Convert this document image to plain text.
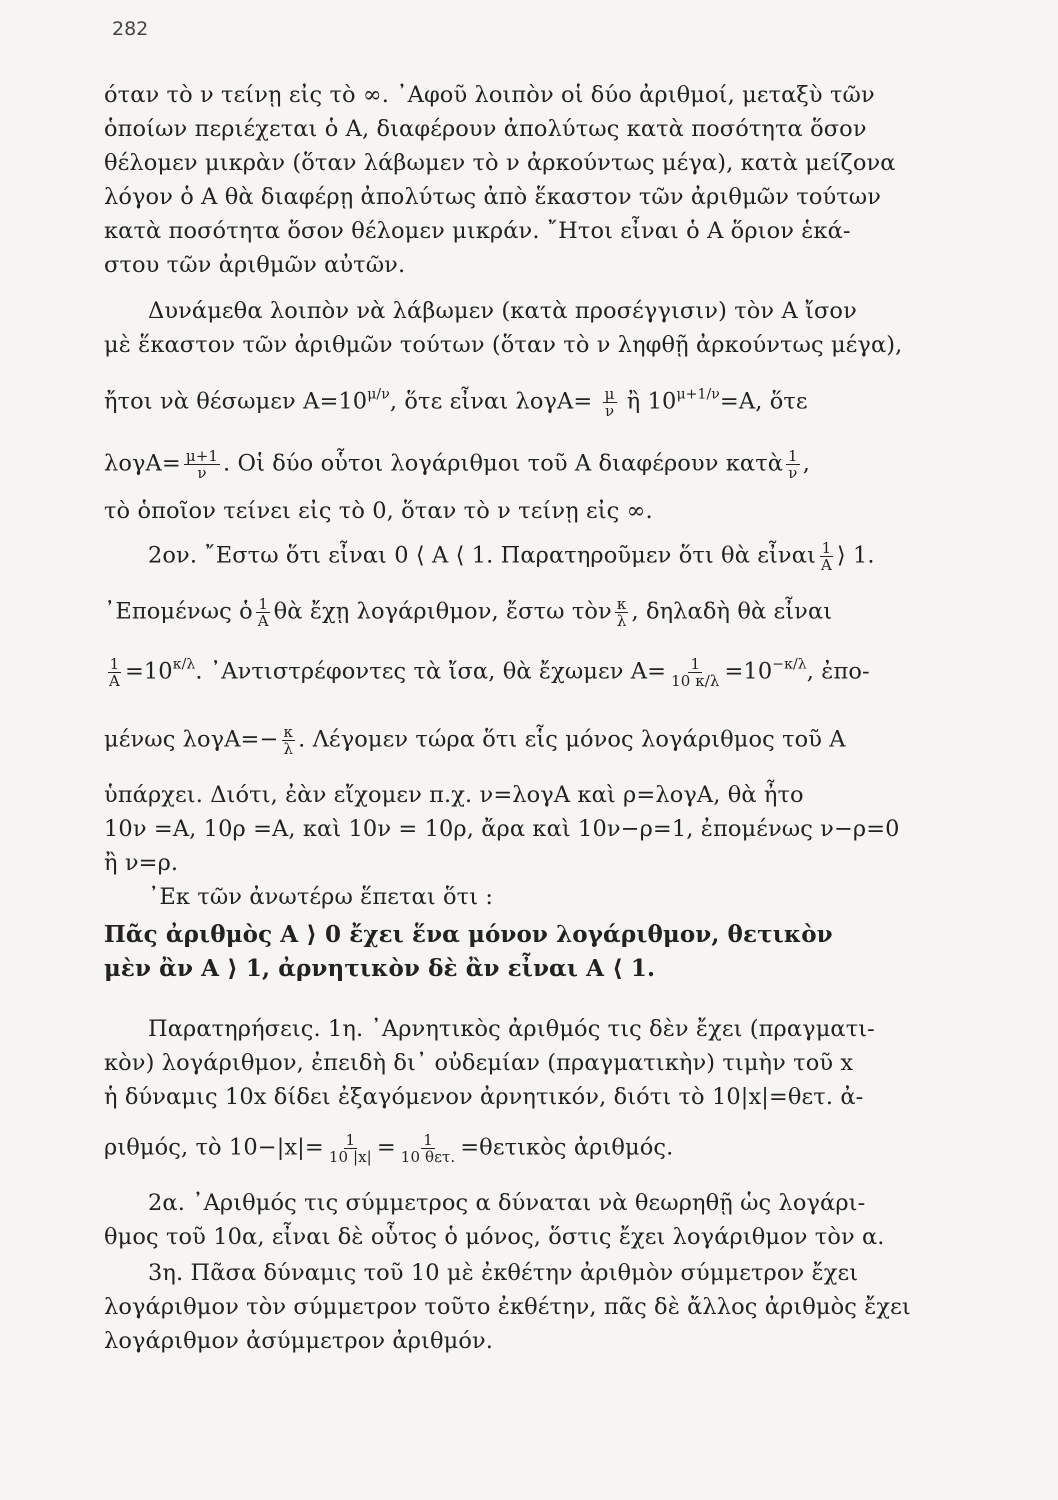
282
όταν τὸ ν τείνῃ εἰς τὸ ∞. ᾿Αφοῦ λοιπὸν οἱ δύο ἀριθμοί, μεταξὺ τῶν
ὁποίων περιέχεται ὁ Α, διαφέρουν ἀπολύτως κατὰ ποσότητα ὅσον
θέλομεν μικρὰν (ὅταν λάβωμεν τὸ ν ἀρκούντως μέγα), κατὰ μείζονα
λόγον ὁ Α θὰ διαφέρῃ ἀπολύτως ἀπὸ ἕκαστον τῶν ἀριθμῶν τούτων
κατὰ ποσότητα ὅσον θέλομεν μικράν. ῎Ητοι εἶναι ὁ Α ὅριον ἑκά-
στου τῶν ἀριθμῶν αὐτῶν.
Δυνάμεθα λοιπὸν νὰ λάβωμεν (κατὰ προσέγγισιν) τὸν Α ἴσον
μὲ ἕκαστον τῶν ἀριθμῶν τούτων (ὅταν τὸ ν ληφθῇ ἀρκούντως μέγα),
ἤτοι νὰ θέσωμεν $A=10^{\mu/\nu}$, ὅτε εἶναι $\lambda o\gamma A= \frac{\mu}{\nu}$ ἢ $10^{\mu+1/\nu}=A$, ὅτε
$\lambda o\gamma A= \frac{\mu+1}{\nu}$ . Οἱ δύο οὗτοι λογάριθμοι τοῦ Α διαφέρουν κατὰ $\frac{1}{\nu}$ ,
τὸ ὁποῖον τείνει εἰς τὸ 0, ὅταν τὸ ν τείνῃ εἰς ∞.
2ον. ῎Εστω ὅτι εἶναι 0 ⟨ Α ⟨ 1. Παρατηροῦμεν ὅτι θὰ εἶναι $\frac{1}{A}$ ⟩ 1.
᾿Επομένως ὁ $\frac{1}{A}$ θὰ ἔχῃ λογάριθμον, ἔστω τὸν $\frac{\kappa}{\lambda}$ , δηλαδὴ θὰ εἶναι
$\frac{1}{A} =10^{\kappa/\lambda}$. ᾿Αντιστρέφοντες τὰ ἴσα, θὰ ἔχωμεν $A= \frac{1}{10 \kappa/\lambda} =10^{-\kappa/\lambda}$, ἐπο-
μένως $\lambda o\gamma A=- \frac{\kappa}{\lambda}$ . Λέγομεν τώρα ὅτι εἷς μόνος λογάριθμος τοῦ Α
ὑπάρχει. Διότι, ἐὰν εἴχομεν π.χ. ν=λογΑ καὶ ρ=λογΑ, θὰ ἦτο
10ν =Α, 10ρ =Α, καὶ 10ν = 10ρ, ἄρα καὶ 10ν−ρ=1, ἐπομένως ν−ρ=0
ἢ ν=ρ.
᾿Εκ τῶν ἀνωτέρω ἕπεται ὅτι :
Πᾶς ἀριθμὸς Α ⟩ 0 ἔχει ἕνα μόνον λογάριθμον, θετικὸν
μὲν ἂν Α ⟩ 1, ἀρνητικὸν δὲ ἂν εἶναι Α ⟨ 1.
Παρατηρήσεις. 1η. ᾿Αρνητικὸς ἀριθμός τις δὲν ἔχει (πραγματι-
κὸν) λογάριθμον, ἐπειδὴ δι᾿ οὐδεμίαν (πραγματικὴν) τιμὴν τοῦ x
ἡ δύναμις 10x δίδει ἐξαγόμενον ἀρνητικόν, διότι τὸ 10|x|=θετ. ἀ-
ριθμός, τὸ $10-|x|= \frac{1}{10 |x|} = \frac{1}{\text{10 θετ.}}$ =θετικὸς ἀριθμός.
2α. ᾿Αριθμός τις σύμμετρος α δύναται νὰ θεωρηθῇ ὡς λογάρι-
θμος τοῦ 10α, εἶναι δὲ οὗτος ὁ μόνος, ὅστις ἔχει λογάριθμον τὸν α.
3η. Πᾶσα δύναμις τοῦ 10 μὲ ἐκθέτην ἀριθμὸν σύμμετρον ἔχει
λογάριθμον τὸν σύμμετρον τοῦτο ἐκθέτην, πᾶς δὲ ἄλλος ἀριθμὸς ἔχει
λογάριθμον ἀσύμμετρον ἀριθμόν.
